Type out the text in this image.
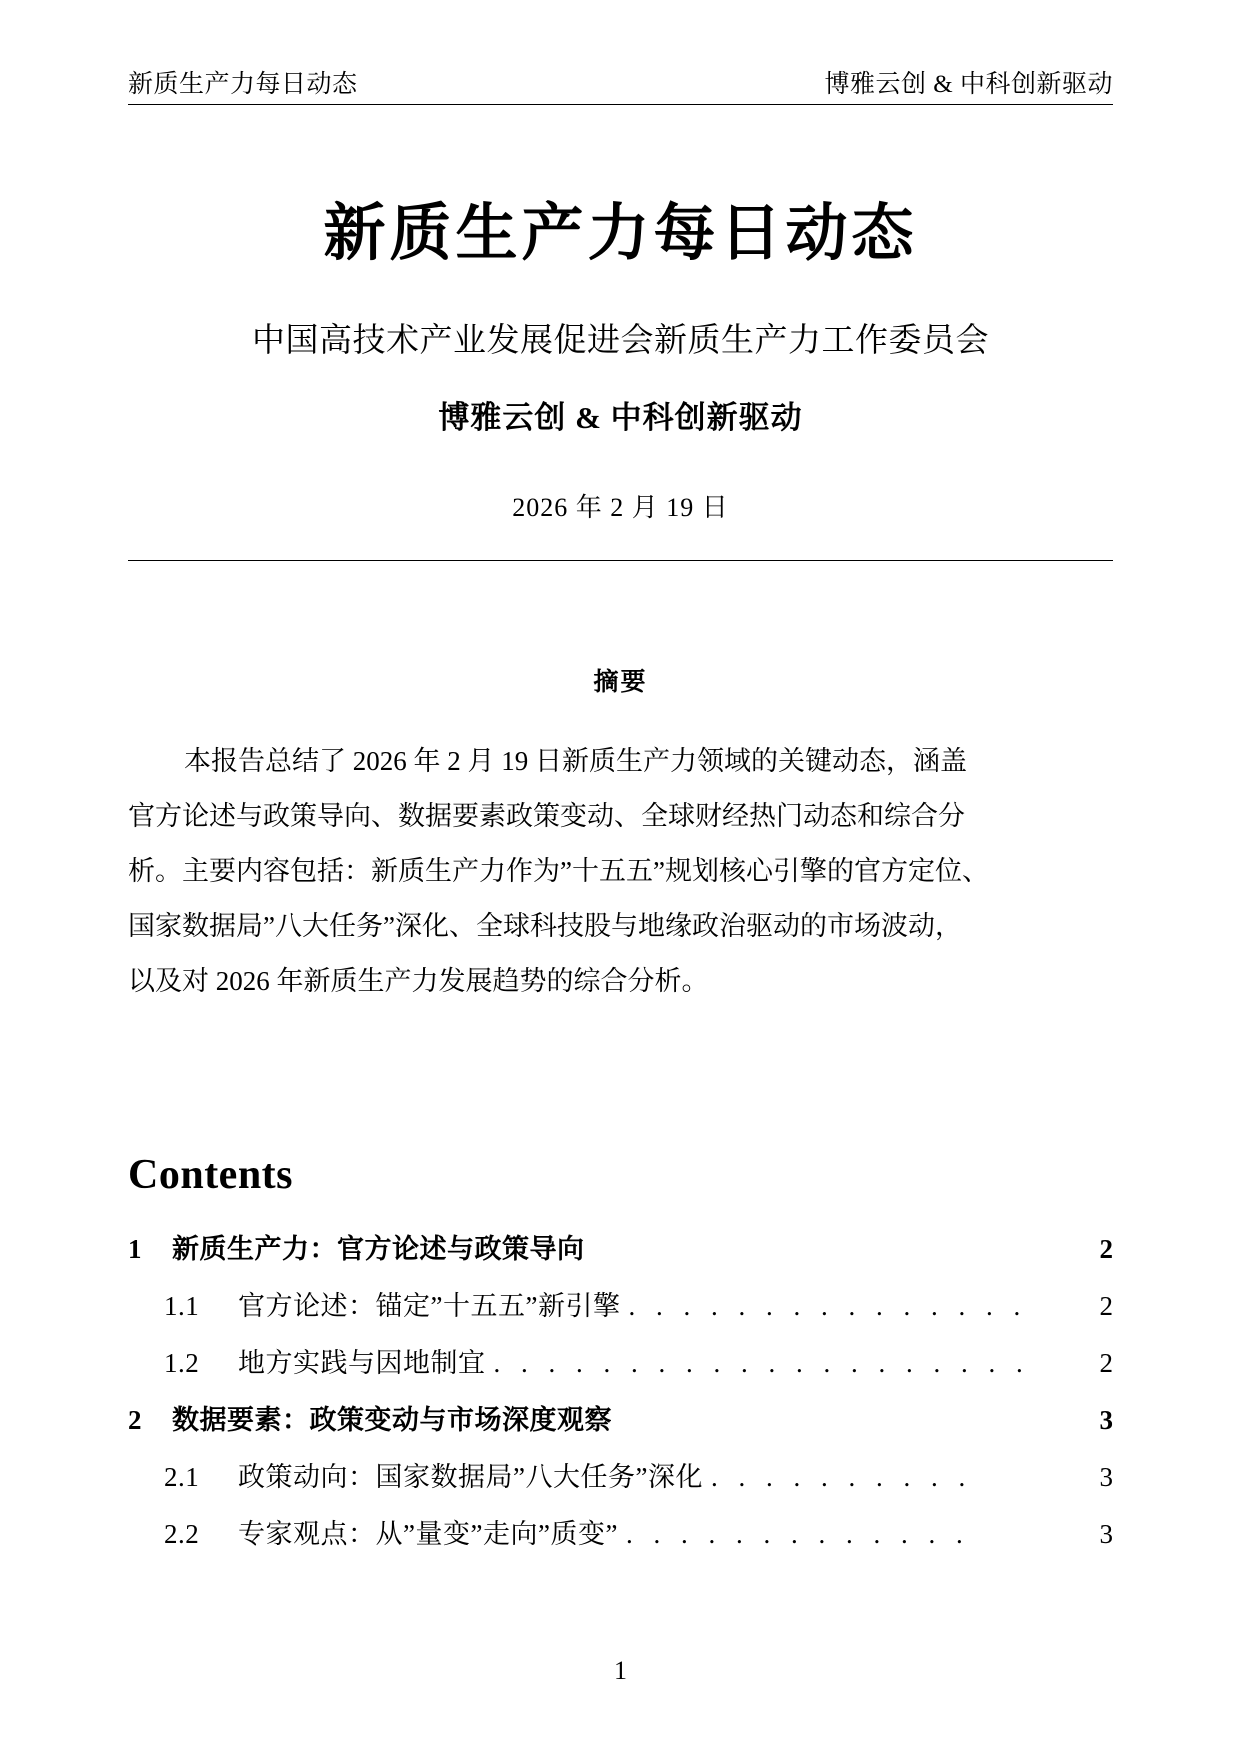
新质生产力每日动态	博雅云创 & 中科创新驱动
新质生产力每日动态
中国高技术产业发展促进会新质生产力工作委员会
博雅云创 & 中科创新驱动
2026 年 2 月 19 日
摘要
本报告总结了 2026 年 2 月 19 日新质生产力领域的关键动态，涵盖
官方论述与政策导向、数据要素政策变动、全球财经热门动态和综合分
析。主要内容包括：新质生产力作为”十五五”规划核心引擎的官方定位、
国家数据局”八大任务”深化、全球科技股与地缘政治驱动的市场波动，
以及对 2026 年新质生产力发展趋势的综合分析。
Contents
1	新质生产力：官方论述与政策导向	2
1.1	官方论述：锚定”十五五”新引擎 . . . . . . . . . . . . . . .	2
1.2	地方实践与因地制宜 . . . . . . . . . . . . . . . . . . . .	2
2	数据要素：政策变动与市场深度观察	3
2.1	政策动向：国家数据局”八大任务”深化 . . . . . . . . . .	3
2.2	专家观点：从”量变”走向”质变” . . . . . . . . . . . . .	3
1
